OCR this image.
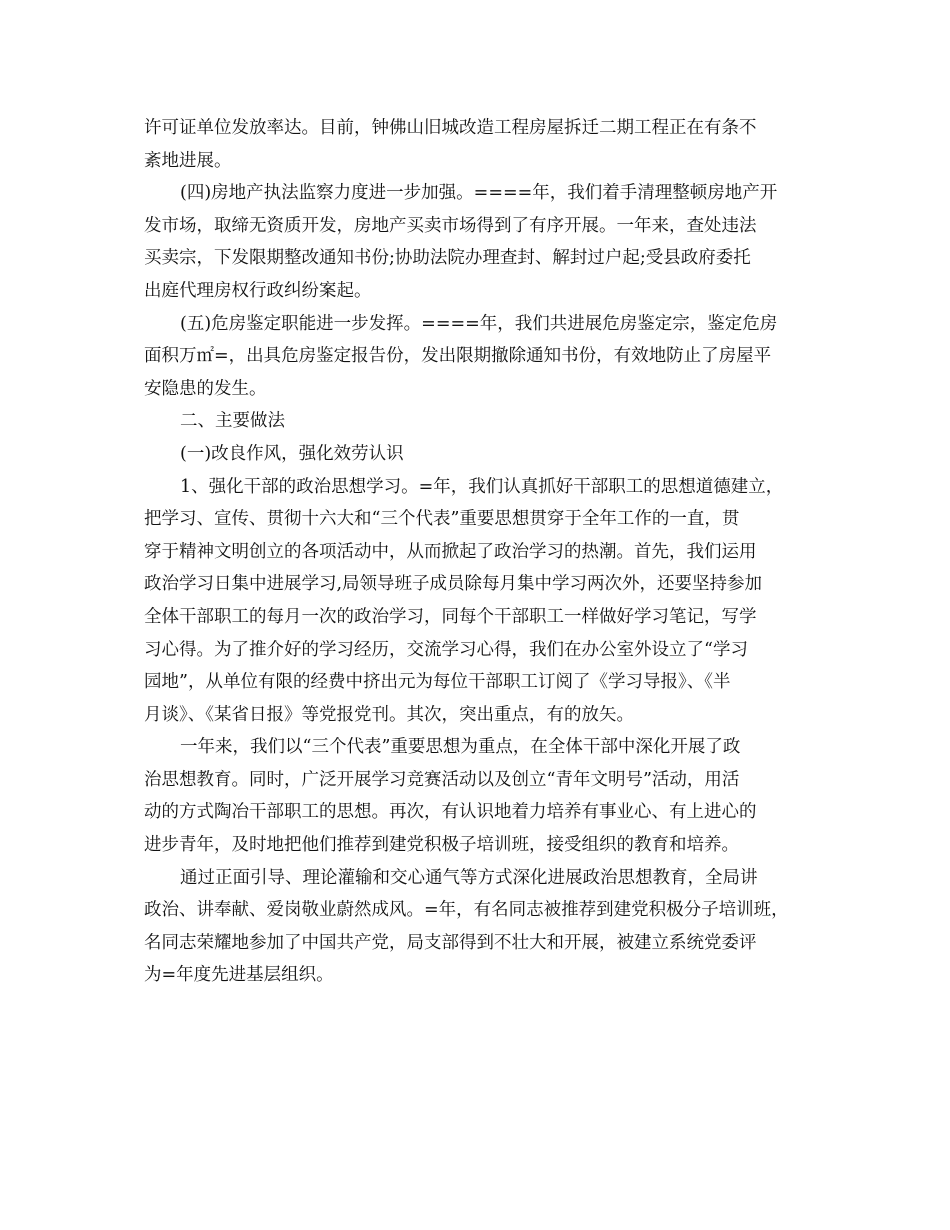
许可证单位发放率达。目前，钟佛山旧城改造工程房屋拆迁二期工程正在有条不
紊地进展。
(四)房地产执法监察力度进一步加强。====年，我们着手清理整顿房地产开
发市场，取缔无资质开发，房地产买卖市场得到了有序开展。一年来，查处违法
买卖宗，下发限期整改通知书份;协助法院办理查封、解封过户起;受县政府委托
出庭代理房权行政纠纷案起。
(五)危房鉴定职能进一步发挥。====年，我们共进展危房鉴定宗，鉴定危房
面积万㎡=，出具危房鉴定报告份，发出限期撤除通知书份，有效地防止了房屋平
安隐患的发生。
二、主要做法
(一)改良作风，强化效劳认识
1、强化干部的政治思想学习。=年，我们认真抓好干部职工的思想道德建立，
把学习、宣传、贯彻十六大和“三个代表”重要思想贯穿于全年工作的一直，贯
穿于精神文明创立的各项活动中，从而掀起了政治学习的热潮。首先，我们运用
政治学习日集中进展学习,局领导班子成员除每月集中学习两次外，还要坚持参加
全体干部职工的每月一次的政治学习，同每个干部职工一样做好学习笔记，写学
习心得。为了推介好的学习经历，交流学习心得，我们在办公室外设立了“学习
园地”，从单位有限的经费中挤出元为每位干部职工订阅了《学习导报》、《半
月谈》、《某省日报》等党报党刊。其次，突出重点，有的放矢。
一年来，我们以“三个代表”重要思想为重点，在全体干部中深化开展了政
治思想教育。同时，广泛开展学习竞赛活动以及创立“青年文明号”活动，用活
动的方式陶冶干部职工的思想。再次，有认识地着力培养有事业心、有上进心的
进步青年，及时地把他们推荐到建党积极子培训班，接受组织的教育和培养。
通过正面引导、理论灌输和交心通气等方式深化进展政治思想教育，全局讲
政治、讲奉献、爱岗敬业蔚然成风。=年，有名同志被推荐到建党积极分子培训班，
名同志荣耀地参加了中国共产党，局支部得到不壮大和开展，被建立系统党委评
为=年度先进基层组织。
